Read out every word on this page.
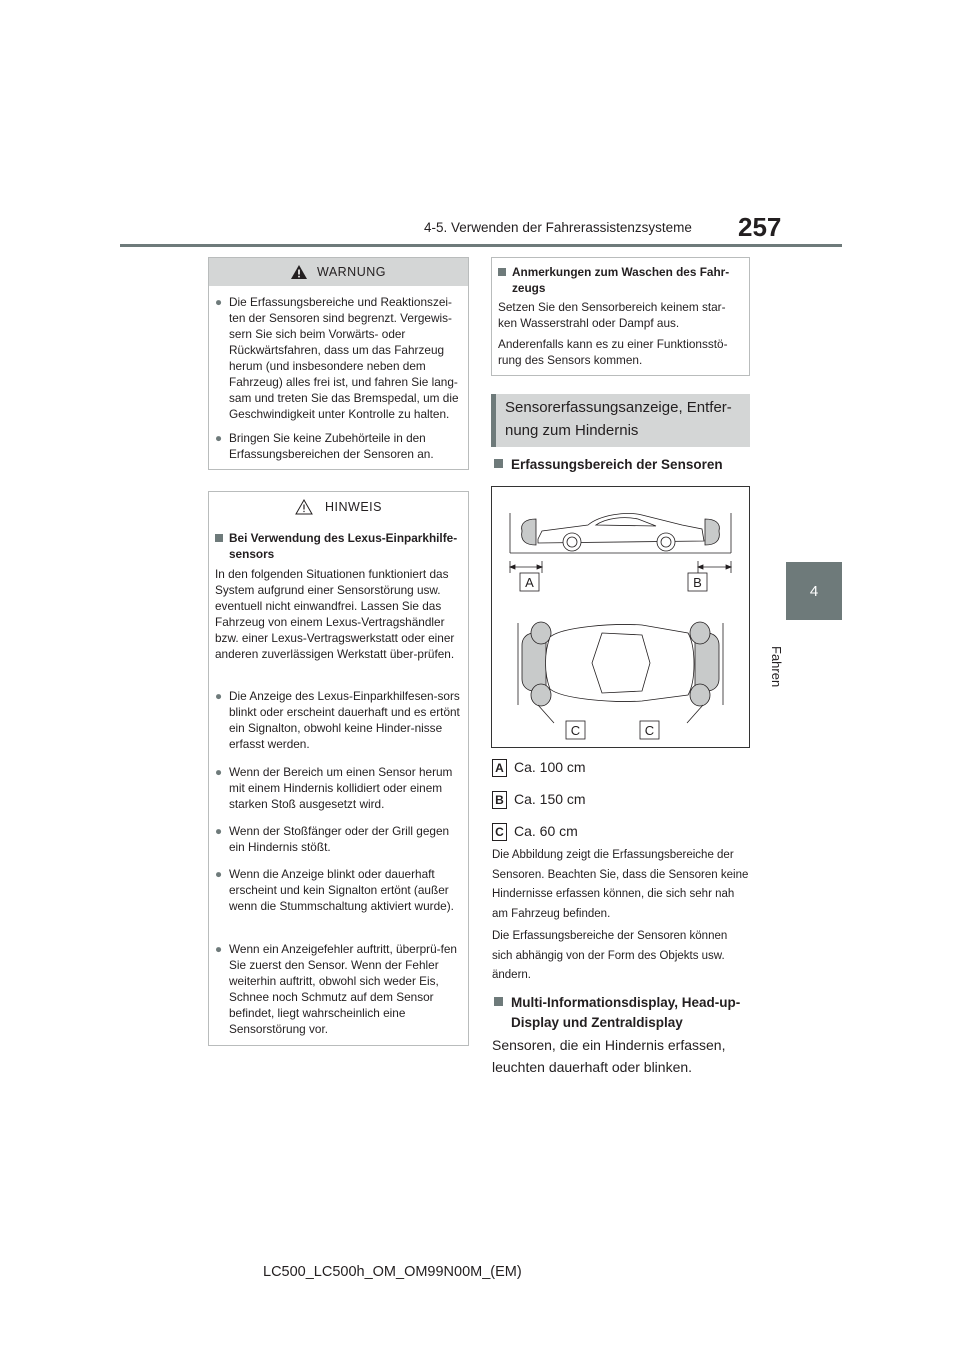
257
4-5. Verwenden der Fahrerassistenzsysteme
4
Fahren
WARNUNG
● Die Erfassungsbereiche und Reaktionszei-ten der Sensoren sind begrenzt. Vergewis-sern Sie sich beim Vorwärts- oder Rückwärtsfahren, dass um das Fahrzeug herum (und insbesondere neben dem Fahrzeug) alles frei ist, und fahren Sie lang-sam und treten Sie das Bremspedal, um die Geschwindigkeit unter Kontrolle zu halten.
● Bringen Sie keine Zubehörteile in den Erfassungsbereichen der Sensoren an.
HINWEIS
Bei Verwendung des Lexus-Einparkhilfe-sensors
In den folgenden Situationen funktioniert das System aufgrund einer Sensorstörung usw. eventuell nicht einwandfrei. Lassen Sie das Fahrzeug von einem Lexus-Vertragshändler bzw. einer Lexus-Vertragswerkstatt oder einer anderen zuverlässigen Werkstatt über-prüfen.
● Die Anzeige des Lexus-Einparkhilfesen-sors blinkt oder erscheint dauerhaft und es ertönt ein Signalton, obwohl keine Hinder-nisse erfasst werden.
● Wenn der Bereich um einen Sensor herum mit einem Hindernis kollidiert oder einem starken Stoß ausgesetzt wird.
● Wenn der Stoßfänger oder der Grill gegen ein Hindernis stößt.
● Wenn die Anzeige blinkt oder dauerhaft erscheint und kein Signalton ertönt (außer wenn die Stummschaltung aktiviert wurde).
● Wenn ein Anzeigefehler auftritt, überprü-fen Sie zuerst den Sensor. Wenn der Fehler weiterhin auftritt, obwohl sich weder Eis, Schnee noch Schmutz auf dem Sensor befindet, liegt wahrscheinlich eine Sensorstörung vor.
Anmerkungen zum Waschen des Fahr-zeugs
Setzen Sie den Sensorbereich keinem star-ken Wasserstrahl oder Dampf aus.
Anderenfalls kann es zu einer Funktionsstö-rung des Sensors kommen.
Sensorerfassungsanzeige, Entfer-
nung zum Hindernis
Erfassungsbereich der Sensoren
A	B
C	C
A Ca. 100 cm
B Ca. 150 cm
C Ca. 60 cm
Die Abbildung zeigt die Erfassungsbereiche der Sensoren. Beachten Sie, dass die Sensoren keine Hindernisse erfassen können, die sich sehr nah am Fahrzeug befinden.
Die Erfassungsbereiche der Sensoren können sich abhängig von der Form des Objekts usw. ändern.
Multi-Informationsdisplay, Head-up-
Display und Zentraldisplay
Sensoren, die ein Hindernis erfassen, leuchten dauerhaft oder blinken.
LC500_LC500h_OM_OM99N00M_(EM)
